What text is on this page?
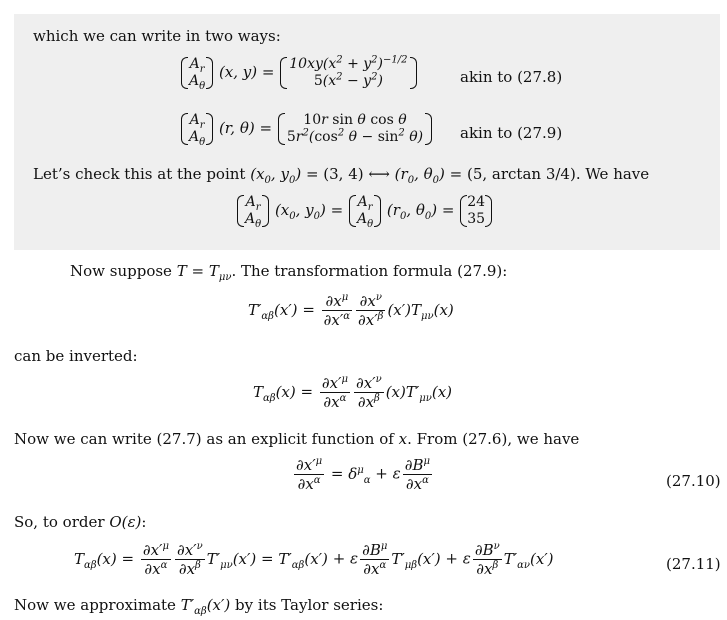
which we can write in two ways:
$A_r$
$A_\theta$
(x, $y) = 10xy(x^2 + y^2)^{-1/2}$
$5(x^2 - y^2)$	akin to (27.8)
$A_r$
$A_\theta$
(r, θ) =	10r sin θ cos θ
$5r^2(\cos^2$ $\theta - \sin^2 \theta$) akin to (27.9)
Let’s check this at the point ($x_0$, $y_0) = (3$, 4) ⟷ ($r_0$, $\theta_0) = (5$, arctan 3/4). We have
$A_r$
$A_\theta$
($x_0$, $y_0) = A_r$
$A_\theta$
($r_0$, $\theta_0) = 24$
35
Now suppose $T = T_{\mu\nu}$. The transformation formula (27.9):
$T'_{\alpha\beta}(x') = \frac{\partial x^\mu}{\partial x'^\alpha} \frac{\partial x^\nu}{\partial x'^\beta} (x')T_{\mu\nu}(x)$
can be inverted:
$T_{\alpha\beta}(x) = \frac{\partial x'^\mu}{\partial x^\alpha} \frac{\partial x'^\nu}{\partial x^\beta} (x)T'_{\mu\nu}(x)$
Now we can write (27.7) as an explicit function of x. From (27.6), we have
$\frac{\partial x'^\mu}{\partial x^\alpha} = \delta^\mu_\alpha + \varepsilon \frac{\partial B^\mu}{\partial x^\alpha}$	(27.10)
So, to order O(ε):
$T_{\alpha\beta}(x) = \frac{\partial x'^\mu}{\partial x^\alpha} \frac{\partial x'^\nu}{\partial x^\beta} T'_{\mu\nu}(x') = T'_{\alpha\beta}(x') + \varepsilon \frac{\partial B^\mu}{\partial x^\alpha} T'_{\mu\beta}(x') + \varepsilon \frac{\partial B^\nu}{\partial x^\beta} T'_{\alpha\nu}(x')$	(27.11)
Now we approximate $T'_{\alpha\beta}(x')$ by its Taylor series:
